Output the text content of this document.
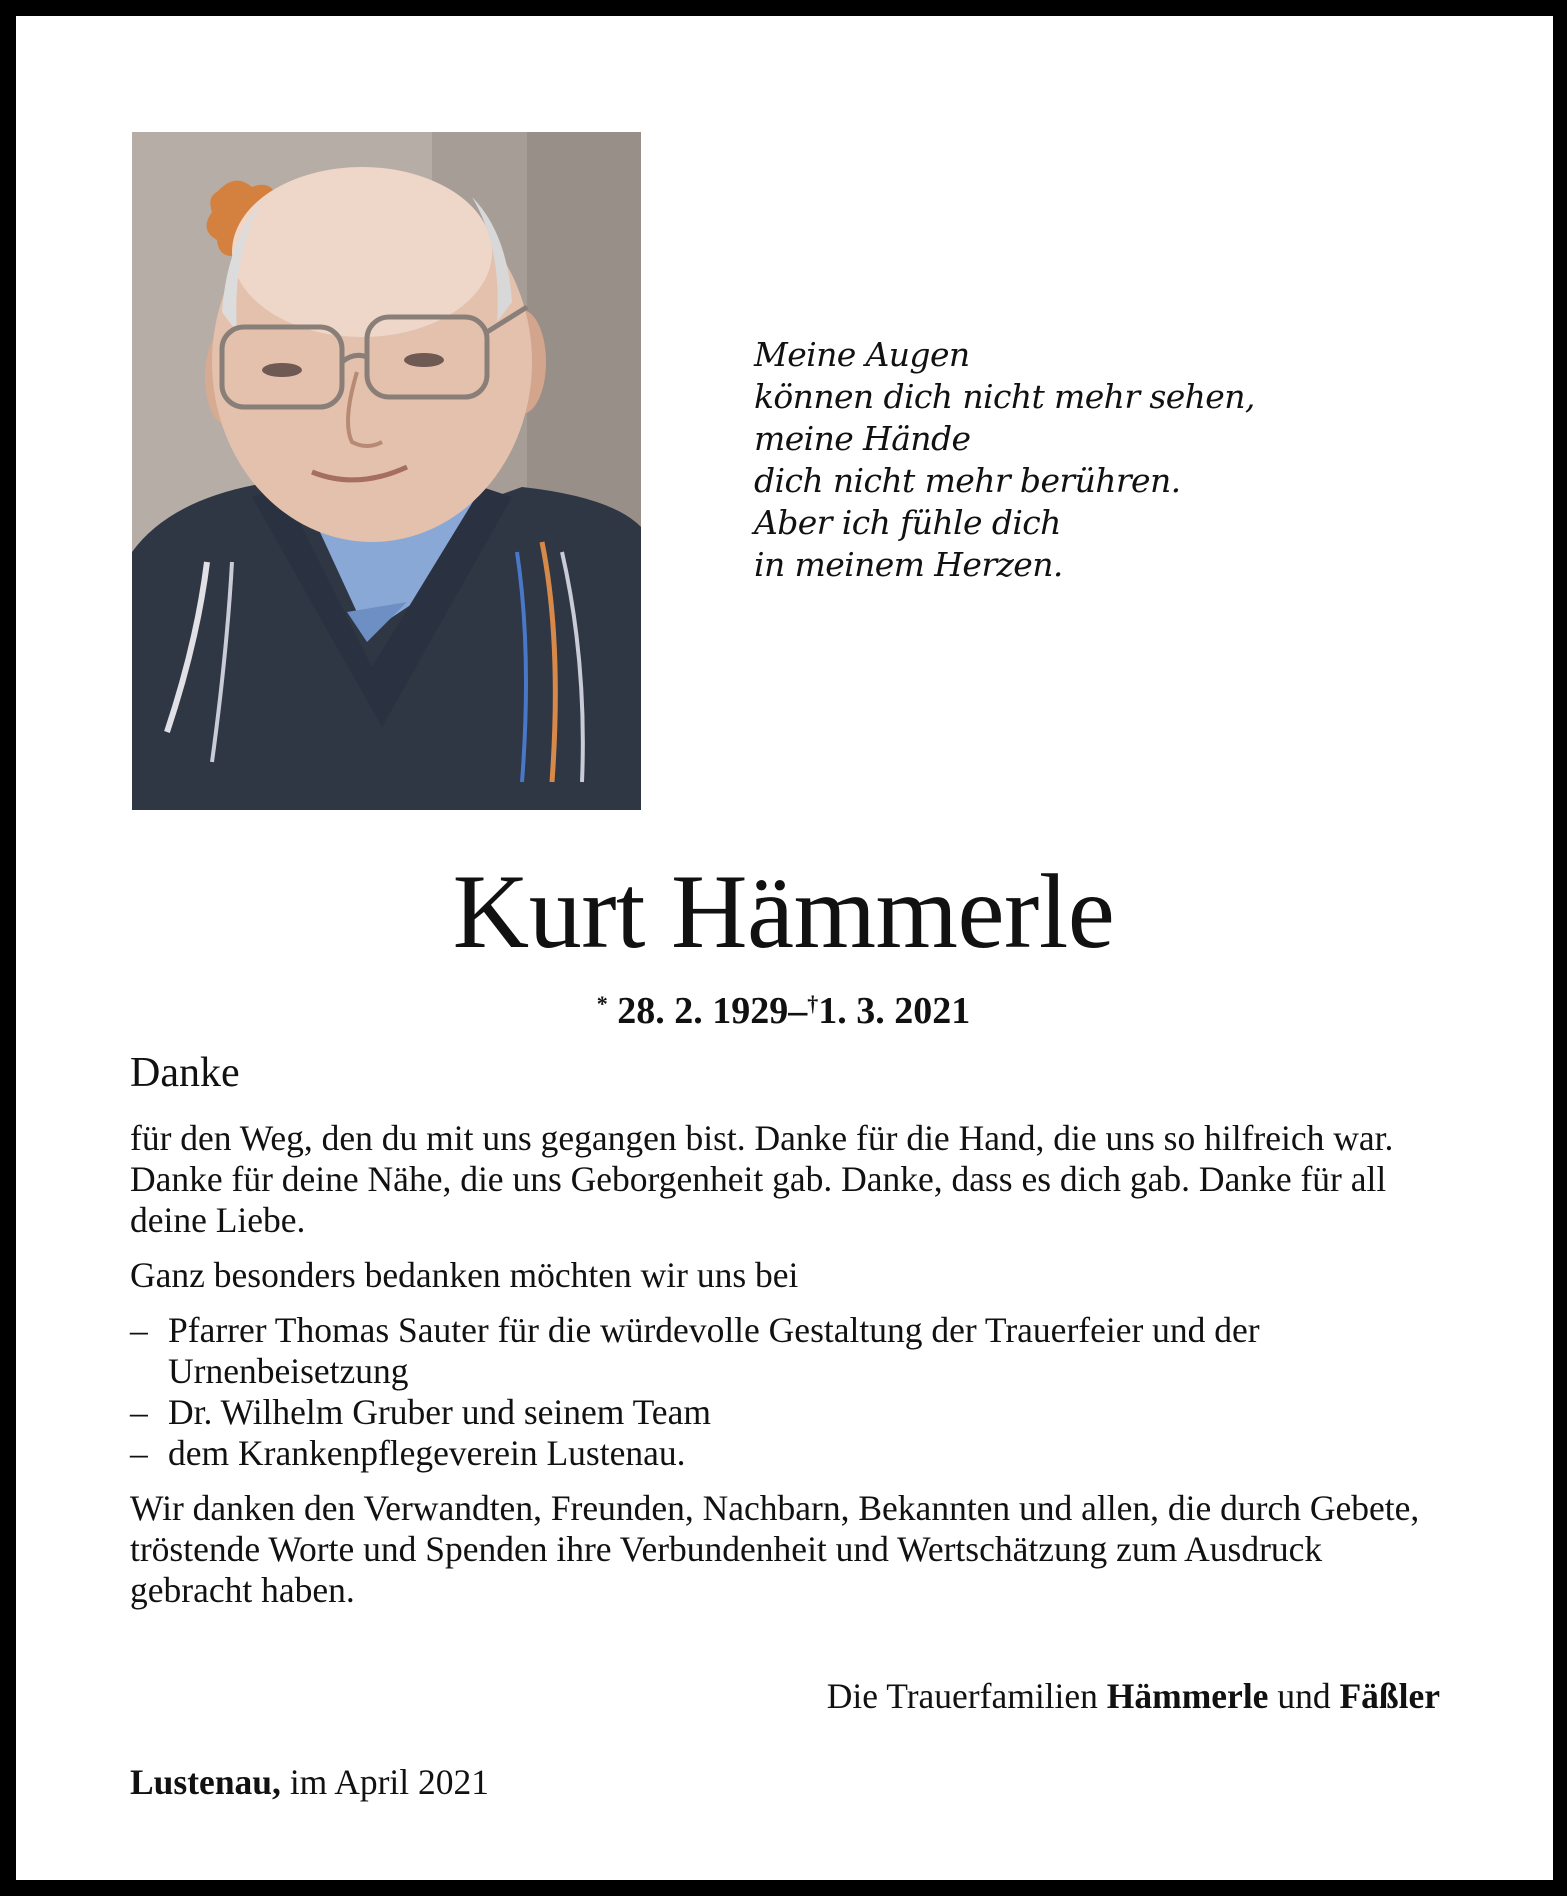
Meine Augen
können dich nicht mehr sehen,
meine Hände
dich nicht mehr berühren.
Aber ich fühle dich
in meinem Herzen.
Kurt Hämmerle
* 28. 2. 1929–†1. 3. 2021
Danke

für den Weg, den du mit uns gegangen bist. Danke für die Hand, die uns so hilfreich war. Danke für deine Nähe, die uns Geborgenheit gab. Danke, dass es dich gab. Danke für all deine Liebe.

Ganz besonders bedanken möchten wir uns bei

– Pfarrer Thomas Sauter für die würdevolle Gestaltung der Trauerfeier und der Urnenbeisetzung
– Dr. Wilhelm Gruber und seinem Team
– dem Krankenpflegeverein Lustenau.

Wir danken den Verwandten, Freunden, Nachbarn, Bekannten und allen, die durch Gebete, tröstende Worte und Spenden ihre Verbundenheit und Wertschätzung zum Ausdruck gebracht haben.

Die Trauerfamilien Hämmerle und Fäßler
Lustenau, im April 2021
